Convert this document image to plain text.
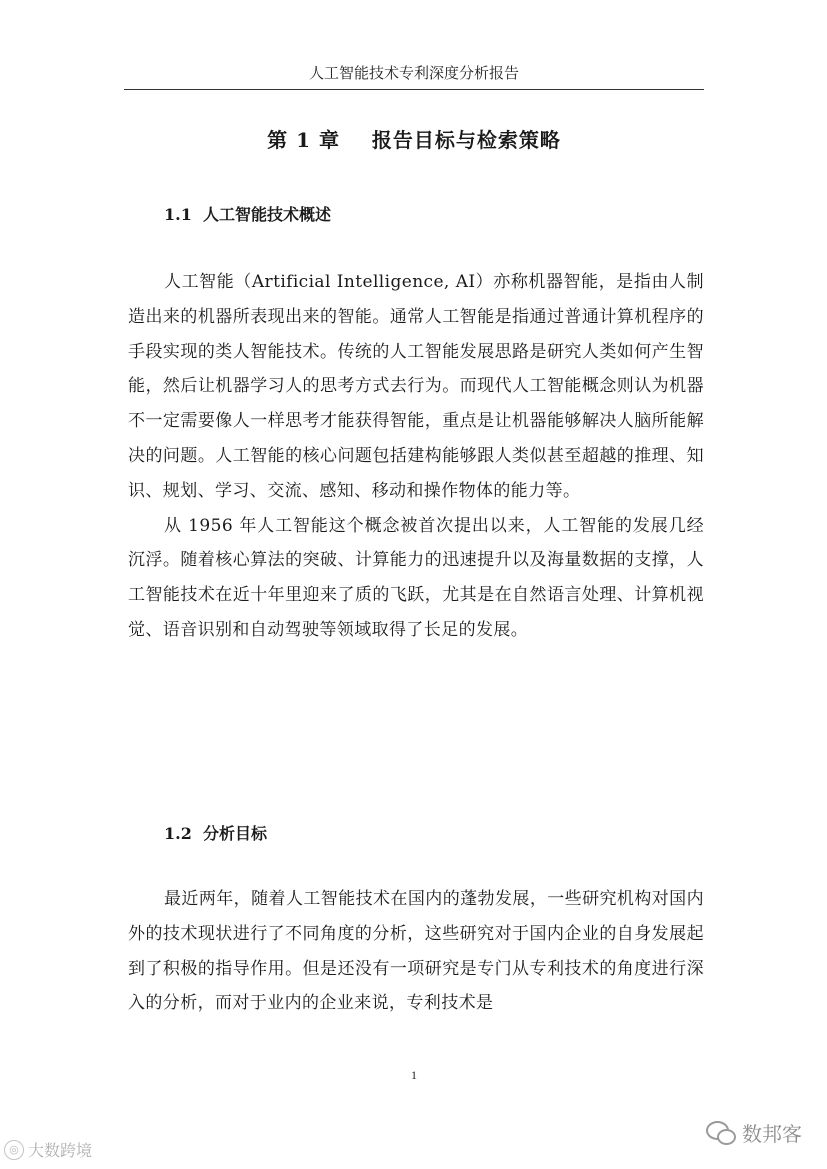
人工智能技术专利深度分析报告
第 1 章    报告目标与检索策略
1.1  人工智能技术概述

人工智能（Artificial Intelligence, AI）亦称机器智能，是指由人制造出来的机器所表现出来的智能。通常人工智能是指通过普通计算机程序的手段实现的类人智能技术。传统的人工智能发展思路是研究人类如何产生智能，然后让机器学习人的思考方式去行为。而现代人工智能概念则认为机器不一定需要像人一样思考才能获得智能，重点是让机器能够解决人脑所能解决的问题。人工智能的核心问题包括建构能够跟人类似甚至超越的推理、知识、规划、学习、交流、感知、移动和操作物体的能力等。

从 1956 年人工智能这个概念被首次提出以来，人工智能的发展几经沉浮。随着核心算法的突破、计算能力的迅速提升以及海量数据的支撑，人工智能技术在近十年里迎来了质的飞跃，尤其是在自然语言处理、计算机视觉、语音识别和自动驾驶等领域取得了长足的发展。

1.2  分析目标

最近两年，随着人工智能技术在国内的蓬勃发展，一些研究机构对国内外的技术现状进行了不同角度的分析，这些研究对于国内企业的自身发展起到了积极的指导作用。但是还没有一项研究是专门从专利技术的角度进行深入的分析，而对于业内的企业来说，专利技术是

1
◎ 大数跨境
数邦客
